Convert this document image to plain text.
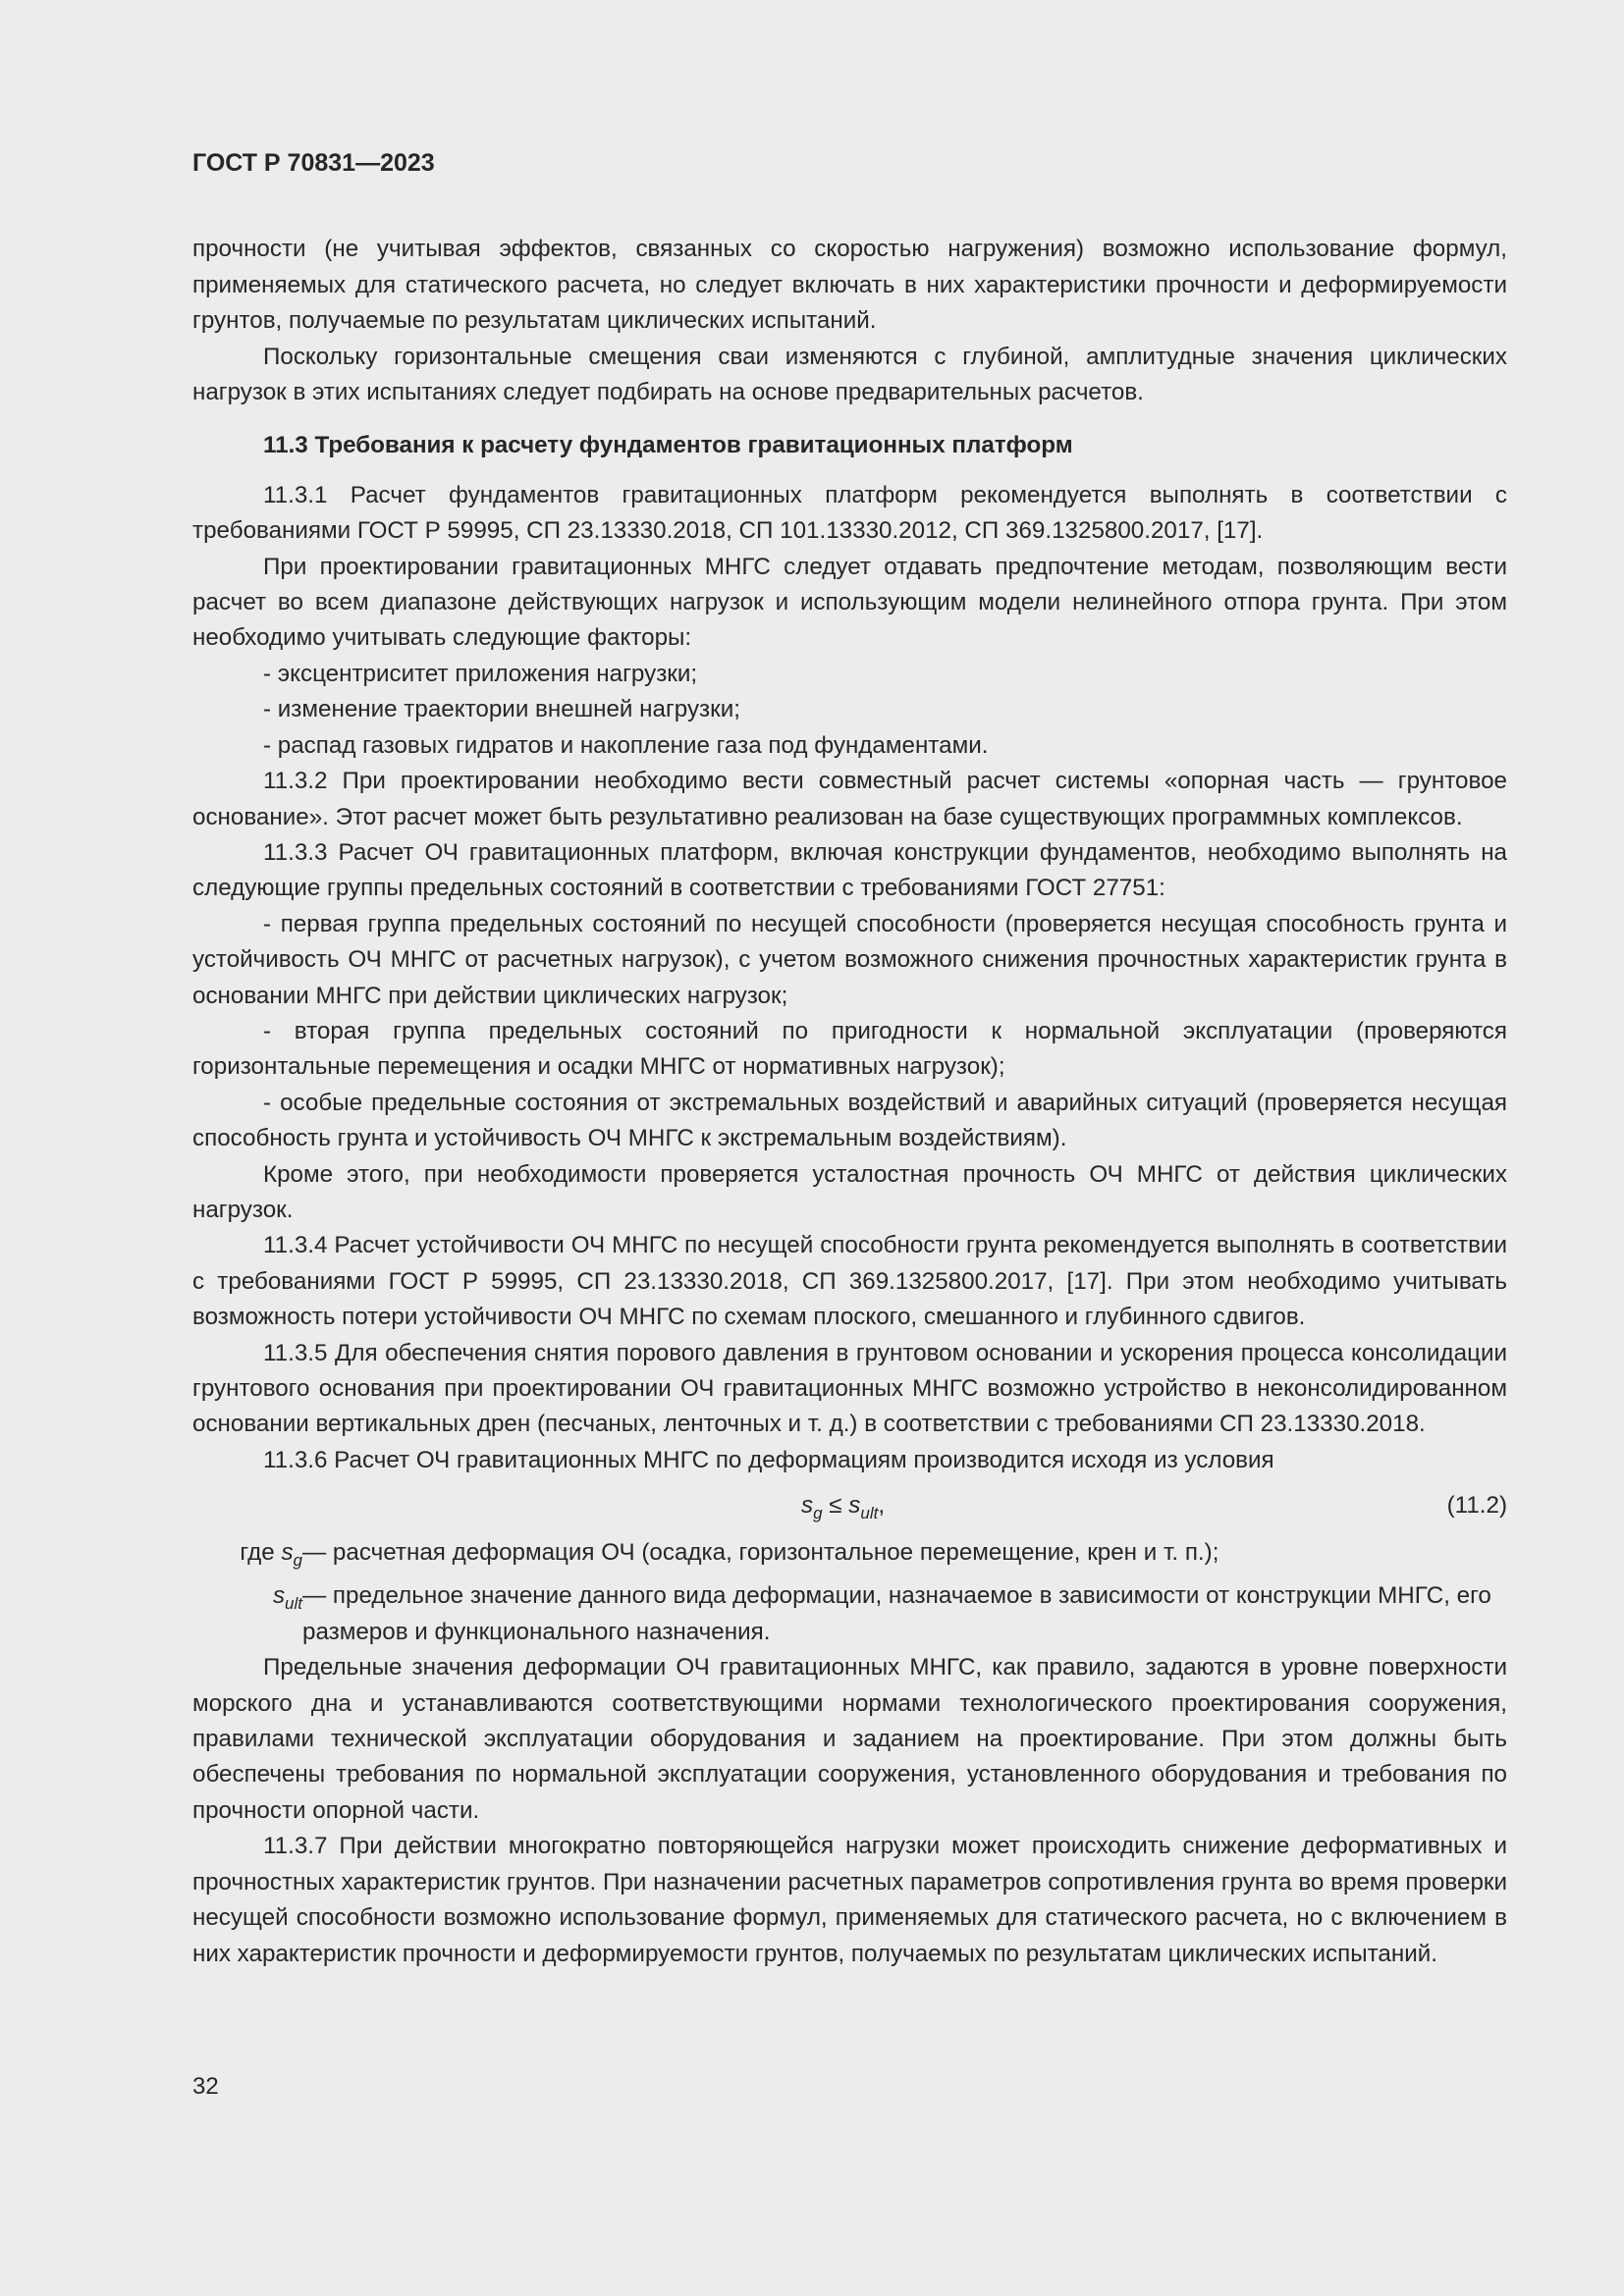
ГОСТ Р 70831—2023

прочности (не учитывая эффектов, связанных со скоростью нагружения) возможно использование формул, применяемых для статического расчета, но следует включать в них характеристики прочности и деформируемости грунтов, получаемые по результатам циклических испытаний.

Поскольку горизонтальные смещения сваи изменяются с глубиной, амплитудные значения циклических нагрузок в этих испытаниях следует подбирать на основе предварительных расчетов.

11.3 Требования к расчету фундаментов гравитационных платформ

11.3.1 Расчет фундаментов гравитационных платформ рекомендуется выполнять в соответствии с требованиями ГОСТ Р 59995, СП 23.13330.2018, СП 101.13330.2012, СП 369.1325800.2017, [17].

При проектировании гравитационных МНГС следует отдавать предпочтение методам, позволяющим вести расчет во всем диапазоне действующих нагрузок и использующим модели нелинейного отпора грунта. При этом необходимо учитывать следующие факторы:

- эксцентриситет приложения нагрузки;

- изменение траектории внешней нагрузки;

- распад газовых гидратов и накопление газа под фундаментами.

11.3.2 При проектировании необходимо вести совместный расчет системы «опорная часть — грунтовое основание». Этот расчет может быть результативно реализован на базе существующих программных комплексов.

11.3.3 Расчет ОЧ гравитационных платформ, включая конструкции фундаментов, необходимо выполнять на следующие группы предельных состояний в соответствии с требованиями ГОСТ 27751:

- первая группа предельных состояний по несущей способности (проверяется несущая способность грунта и устойчивость ОЧ МНГС от расчетных нагрузок), с учетом возможного снижения прочностных характеристик грунта в основании МНГС при действии циклических нагрузок;

- вторая группа предельных состояний по пригодности к нормальной эксплуатации (проверяются горизонтальные перемещения и осадки МНГС от нормативных нагрузок);

- особые предельные состояния от экстремальных воздействий и аварийных ситуаций (проверяется несущая способность грунта и устойчивость ОЧ МНГС к экстремальным воздействиям).

Кроме этого, при необходимости проверяется усталостная прочность ОЧ МНГС от действия циклических нагрузок.

11.3.4 Расчет устойчивости ОЧ МНГС по несущей способности грунта рекомендуется выполнять в соответствии с требованиями ГОСТ Р 59995, СП 23.13330.2018, СП 369.1325800.2017, [17]. При этом необходимо учитывать возможность потери устойчивости ОЧ МНГС по схемам плоского, смешанного и глубинного сдвигов.

11.3.5 Для обеспечения снятия порового давления в грунтовом основании и ускорения процесса консолидации грунтового основания при проектировании ОЧ гравитационных МНГС возможно устройство в неконсолидированном основании вертикальных дрен (песчаных, ленточных и т. д.) в соответствии с требованиями СП 23.13330.2018.

11.3.6 Расчет ОЧ гравитационных МНГС по деформациям производится исходя из условия

$s_g \le s_{ult}$,	(11.2)
где $s_g$ — расчетная деформация ОЧ (осадка, горизонтальное перемещение, крен и т. п.);
$s_{ult}$ — предельное значение данного вида деформации, назначаемое в зависимости от конструкции МНГС, его размеров и функционального назначения.

Предельные значения деформации ОЧ гравитационных МНГС, как правило, задаются в уровне поверхности морского дна и устанавливаются соответствующими нормами технологического проектирования сооружения, правилами технической эксплуатации оборудования и заданием на проектирование. При этом должны быть обеспечены требования по нормальной эксплуатации сооружения, установленного оборудования и требования по прочности опорной части.

11.3.7 При действии многократно повторяющейся нагрузки может происходить снижение деформативных и прочностных характеристик грунтов. При назначении расчетных параметров сопротивления грунта во время проверки несущей способности возможно использование формул, применяемых для статического расчета, но с включением в них характеристик прочности и деформируемости грунтов, получаемых по результатам циклических испытаний.

32
